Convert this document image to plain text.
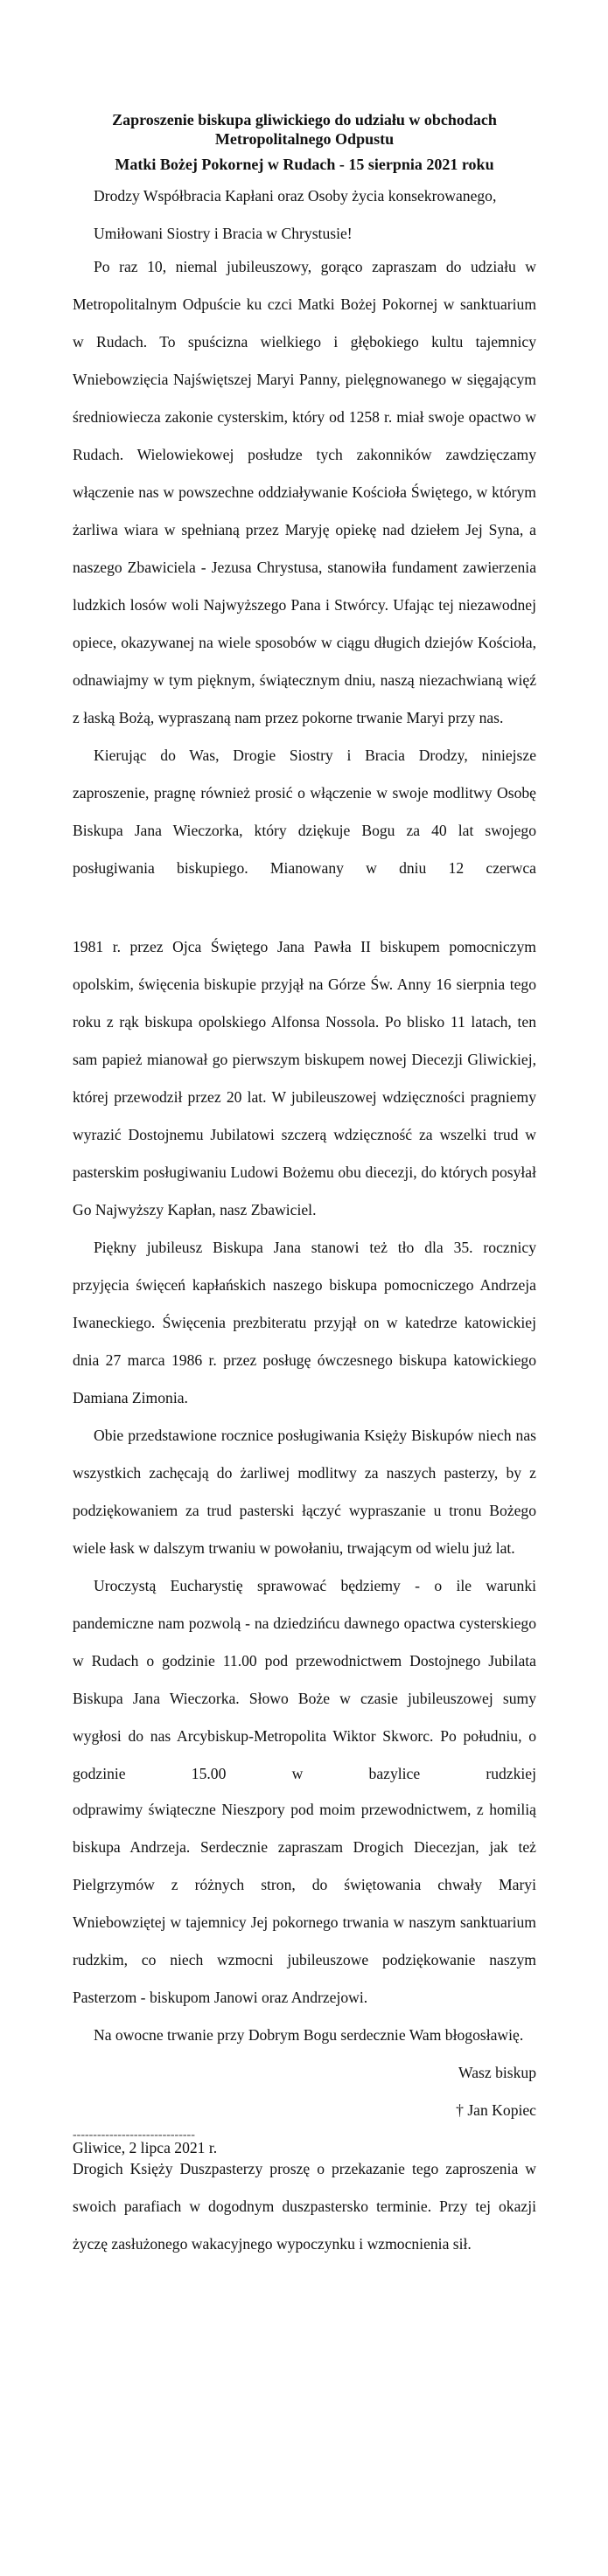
Zaproszenie biskupa gliwickiego do udziału w obchodach
Metropolitalnego Odpustu
Matki Bożej Pokornej w Rudach - 15 sierpnia 2021 roku

Drodzy Współbracia Kapłani oraz Osoby życia konsekrowanego,

Umiłowani Siostry i Bracia w Chrystusie!

Po raz 10, niemal jubileuszowy, gorąco zapraszam do udziału w Metropolitalnym Odpuście ku czci Matki Bożej Pokornej w sanktuarium w Rudach. To spuścizna wielkiego i głębokiego kultu tajemnicy Wniebowzięcia Najświętszej Maryi Panny, pielęgnowanego w sięgającym średniowiecza zakonie cysterskim, który od 1258 r. miał swoje opactwo w Rudach. Wielowiekowej posłudze tych zakonników zawdzięczamy włączenie nas w powszechne oddziaływanie Kościoła Świętego, w którym żarliwa wiara w spełnianą przez Maryję opiekę nad dziełem Jej Syna, a naszego Zbawiciela - Jezusa Chrystusa, stanowiła fundament zawierzenia ludzkich losów woli Najwyższego Pana i Stwórcy. Ufając tej niezawodnej opiece, okazywanej na wiele sposobów w ciągu długich dziejów Kościoła, odnawiajmy w tym pięknym, świątecznym dniu, naszą niezachwianą więź z łaską Bożą, wypraszaną nam przez pokorne trwanie Maryi przy nas.

Kierując do Was, Drogie Siostry i Bracia Drodzy, niniejsze zaproszenie, pragnę również prosić o włączenie w swoje modlitwy Osobę Biskupa Jana Wieczorka, który dziękuje Bogu za 40 lat swojego posługiwania biskupiego. Mianowany w dniu 12 czerwca

1981 r. przez Ojca Świętego Jana Pawła II biskupem pomocniczym opolskim, święcenia biskupie przyjął na Górze Św. Anny 16 sierpnia tego roku z rąk biskupa opolskiego Alfonsa Nossola. Po blisko 11 latach, ten sam papież mianował go pierwszym biskupem nowej Diecezji Gliwickiej, której przewodził przez 20 lat. W jubileuszowej wdzięczności pragniemy wyrazić Dostojnemu Jubilatowi szczerą wdzięczność za wszelki trud w pasterskim posługiwaniu Ludowi Bożemu obu diecezji, do których posyłał Go Najwyższy Kapłan, nasz Zbawiciel.

Piękny jubileusz Biskupa Jana stanowi też tło dla 35. rocznicy przyjęcia święceń kapłańskich naszego biskupa pomocniczego Andrzeja Iwaneckiego. Święcenia prezbiteratu przyjął on w katedrze katowickiej dnia 27 marca 1986 r. przez posługę ówczesnego biskupa katowickiego Damiana Zimonia.

Obie przedstawione rocznice posługiwania Księży Biskupów niech nas wszystkich zachęcają do żarliwej modlitwy za naszych pasterzy, by z podziękowaniem za trud pasterski łączyć wypraszanie u tronu Bożego wiele łask w dalszym trwaniu w powołaniu, trwającym od wielu już lat.

Uroczystą Eucharystię sprawować będziemy - o ile warunki pandemiczne nam pozwolą - na dziedzińcu dawnego opactwa cysterskiego w Rudach o godzinie 11.00 pod przewodnictwem Dostojnego Jubilata Biskupa Jana Wieczorka. Słowo Boże w czasie jubileuszowej sumy wygłosi do nas Arcybiskup-Metropolita Wiktor Skworc. Po południu, o godzinie 15.00 w bazylice rudzkiej

odprawimy świąteczne Nieszpory pod moim przewodnictwem, z homilią biskupa Andrzeja. Serdecznie zapraszam Drogich Diecezjan, jak też Pielgrzymów z różnych stron, do świętowania chwały Maryi Wniebowziętej w tajemnicy Jej pokornego trwania w naszym sanktuarium rudzkim, co niech wzmocni jubileuszowe podziękowanie naszym Pasterzom - biskupom Janowi oraz Andrzejowi.

Na owocne trwanie przy Dobrym Bogu serdecznie Wam błogosławię.

Wasz biskup

† Jan Kopiec

Gliwice, 2 lipca 2021 r.

------------------------------

Drogich Księży Duszpasterzy proszę o przekazanie tego zaproszenia w swoich parafiach w dogodnym duszpastersko terminie. Przy tej okazji życzę zasłużonego wakacyjnego wypoczynku i wzmocnienia sił.
